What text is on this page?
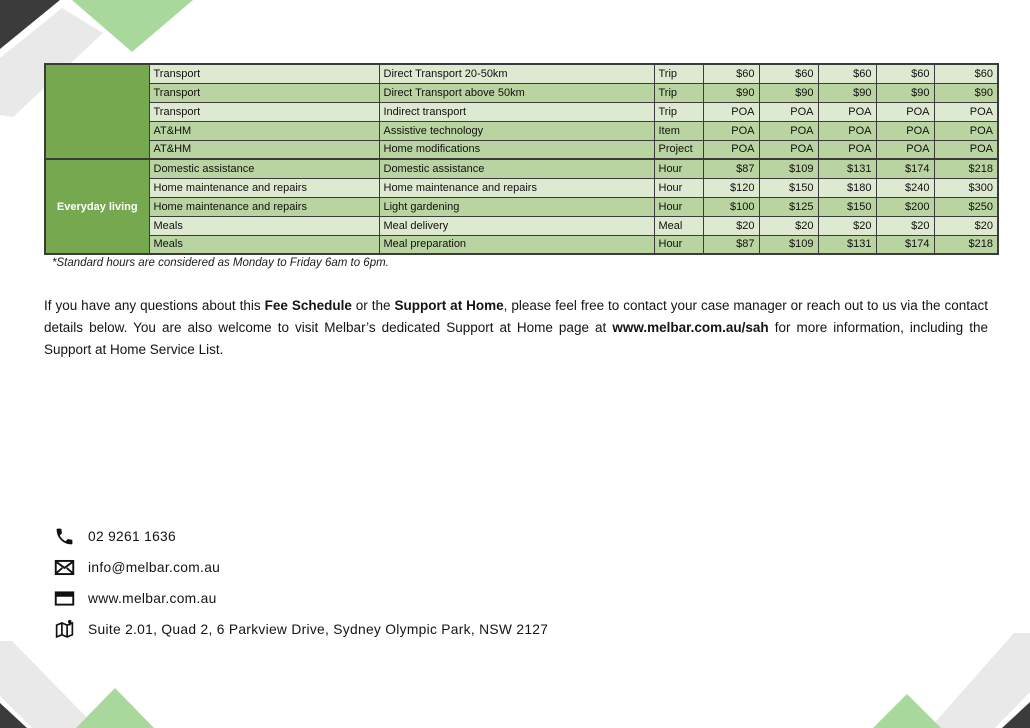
	Transport	Direct Transport 20-50km	Trip	$60	$60	$60	$60	$60
	Transport	Direct Transport above 50km	Trip	$90	$90	$90	$90	$90
	Transport	Indirect transport	Trip	POA	POA	POA	POA	POA
	AT&HM	Assistive technology	Item	POA	POA	POA	POA	POA
	AT&HM	Home modifications	Project	POA	POA	POA	POA	POA
Everyday living	Domestic assistance	Domestic assistance	Hour	$87	$109	$131	$174	$218
	Home maintenance and repairs	Home maintenance and repairs	Hour	$120	$150	$180	$240	$300
	Home maintenance and repairs	Light gardening	Hour	$100	$125	$150	$200	$250
	Meals	Meal delivery	Meal	$20	$20	$20	$20	$20
	Meals	Meal preparation	Hour	$87	$109	$131	$174	$218
*Standard hours are considered as Monday to Friday 6am to 6pm.

If you have any questions about this Fee Schedule or the Support at Home, please feel free to contact your case manager or reach out to us via the contact details below. You are also welcome to visit Melbar’s dedicated Support at Home page at www.melbar.com.au/sah for more information, including the Support at Home Service List.

02 9261 1636
info@melbar.com.au
www.melbar.com.au
Suite 2.01, Quad 2, 6 Parkview Drive, Sydney Olympic Park, NSW 2127
